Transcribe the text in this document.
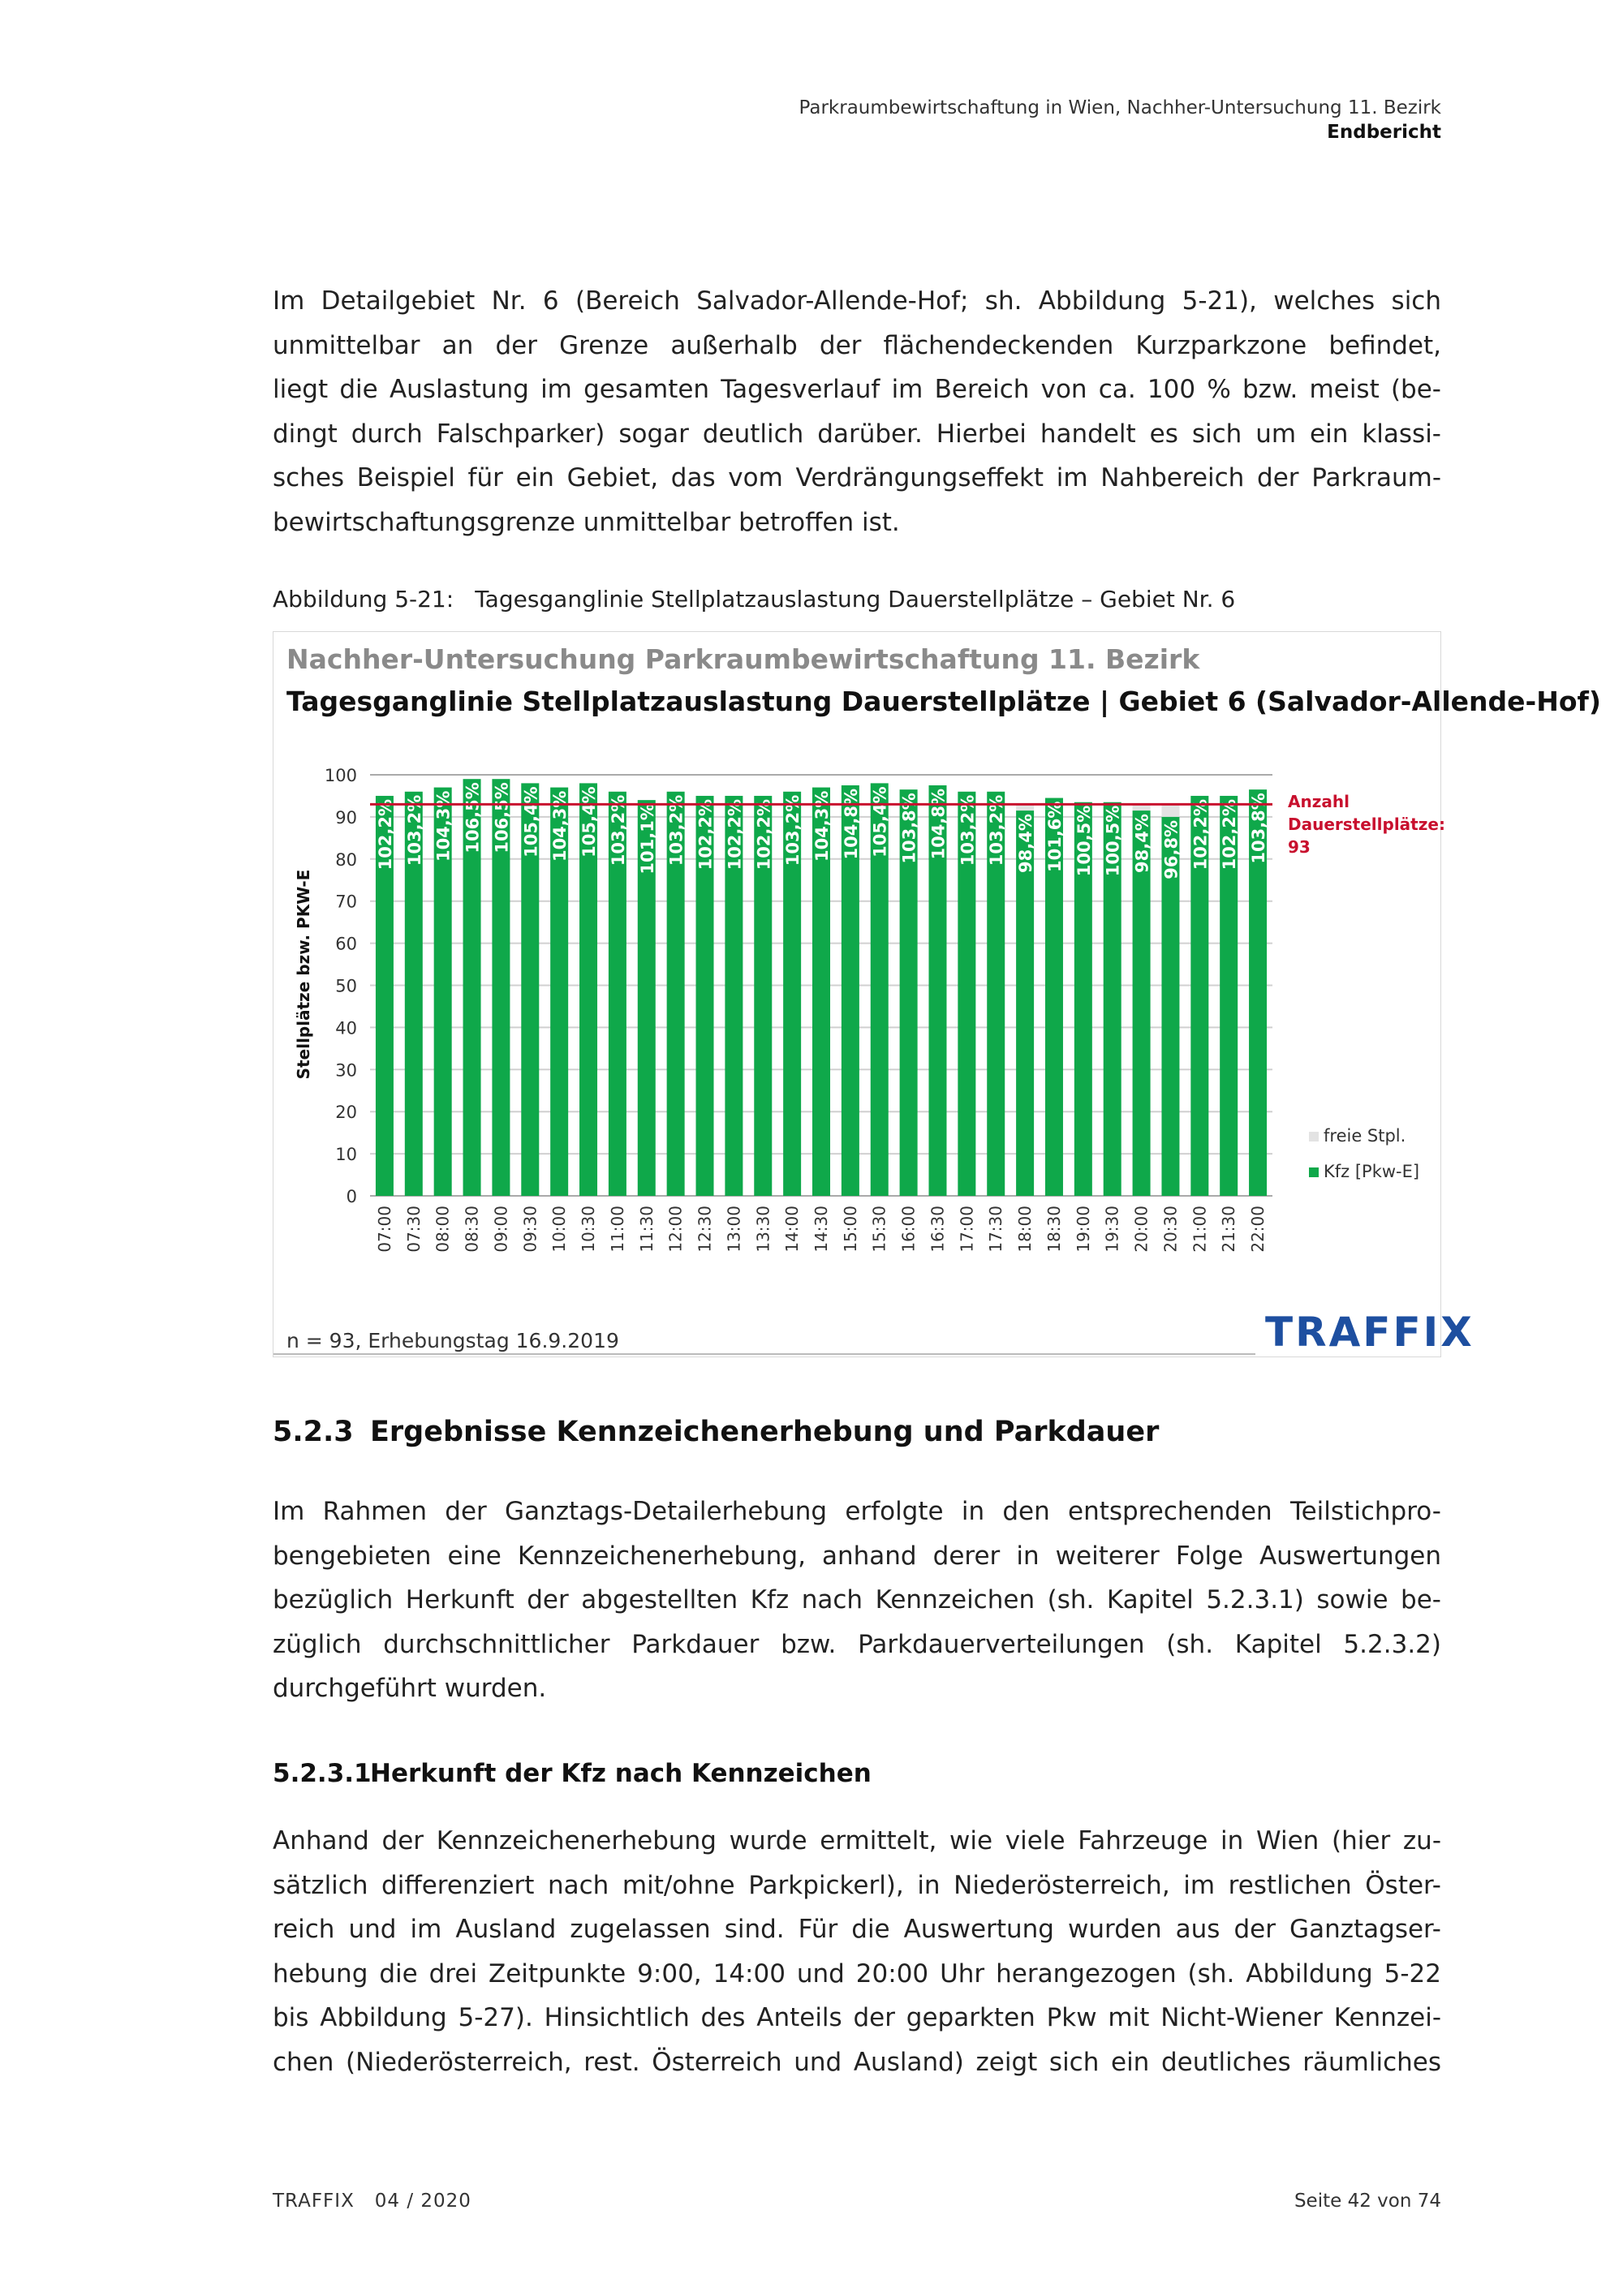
Parkraumbewirtschaftung in Wien, Nachher-Untersuchung 11. Bezirk
Endbericht
Im Detailgebiet Nr. 6 (Bereich Salvador-Allende-Hof; sh. Abbildung 5-21), welches sich
unmittelbar an der Grenze außerhalb der flächendeckenden Kurzparkzone befindet,
liegt die Auslastung im gesamten Tagesverlauf im Bereich von ca. 100 % bzw. meist (be-
dingt durch Falschparker) sogar deutlich darüber. Hierbei handelt es sich um ein klassi-
sches Beispiel für ein Gebiet, das vom Verdrängungseffekt im Nahbereich der Parkraum-
bewirtschaftungsgrenze unmittelbar betroffen ist.
Abbildung 5-21: Tagesganglinie Stellplatzauslastung Dauerstellplätze – Gebiet Nr. 6
Nachher-Untersuchung Parkraumbewirtschaftung 11. Bezirk
Tagesganglinie Stellplatzauslastung Dauerstellplätze | Gebiet 6 (Salvador-Allende-Hof)
Stellplätze bzw. PKW-E
0
10
20
30
40
50
60
70
80
90
100
102,2% 103,2% 104,3% 106,5% 106,5% 105,4% 104,3% 105,4% 103,2% 101,1% 103,2% 102,2% 102,2% 102,2% 103,2% 104,3% 104,8% 105,4% 103,8% 104,8% 103,2% 103,2% 98,4% 101,6% 100,5% 100,5% 98,4% 96,8% 102,2% 102,2% 103,8%
07:00 07:30 08:00 08:30 09:00 09:30 10:00 10:30 11:00 11:30 12:00 12:30 13:00 13:30 14:00 14:30 15:00 15:30 16:00 16:30 17:00 17:30 18:00 18:30 19:00 19:30 20:00 20:30 21:00 21:30 22:00
Anzahl
Dauerstellplätze:
93
freie Stpl.
Kfz [Pkw-E]
n = 93, Erhebungstag 16.9.2019	TRAFFIX
5.2.3 Ergebnisse Kennzeichenerhebung und Parkdauer
Im Rahmen der Ganztags-Detailerhebung erfolgte in den entsprechenden Teilstichpro-
bengebieten eine Kennzeichenerhebung, anhand derer in weiterer Folge Auswertungen
bezüglich Herkunft der abgestellten Kfz nach Kennzeichen (sh. Kapitel 5.2.3.1) sowie be-
züglich durchschnittlicher Parkdauer bzw. Parkdauerverteilungen (sh. Kapitel 5.2.3.2)
durchgeführt wurden.
5.2.3.1Herkunft der Kfz nach Kennzeichen
Anhand der Kennzeichenerhebung wurde ermittelt, wie viele Fahrzeuge in Wien (hier zu-
sätzlich differenziert nach mit/ohne Parkpickerl), in Niederösterreich, im restlichen Öster-
reich und im Ausland zugelassen sind. Für die Auswertung wurden aus der Ganztagser-
hebung die drei Zeitpunkte 9:00, 14:00 und 20:00 Uhr herangezogen (sh. Abbildung 5-22
bis Abbildung 5-27). Hinsichtlich des Anteils der geparkten Pkw mit Nicht-Wiener Kennzei-
chen (Niederösterreich, rest. Österreich und Ausland) zeigt sich ein deutliches räumliches
TRAFFIX   04 / 2020	Seite 42 von 74
